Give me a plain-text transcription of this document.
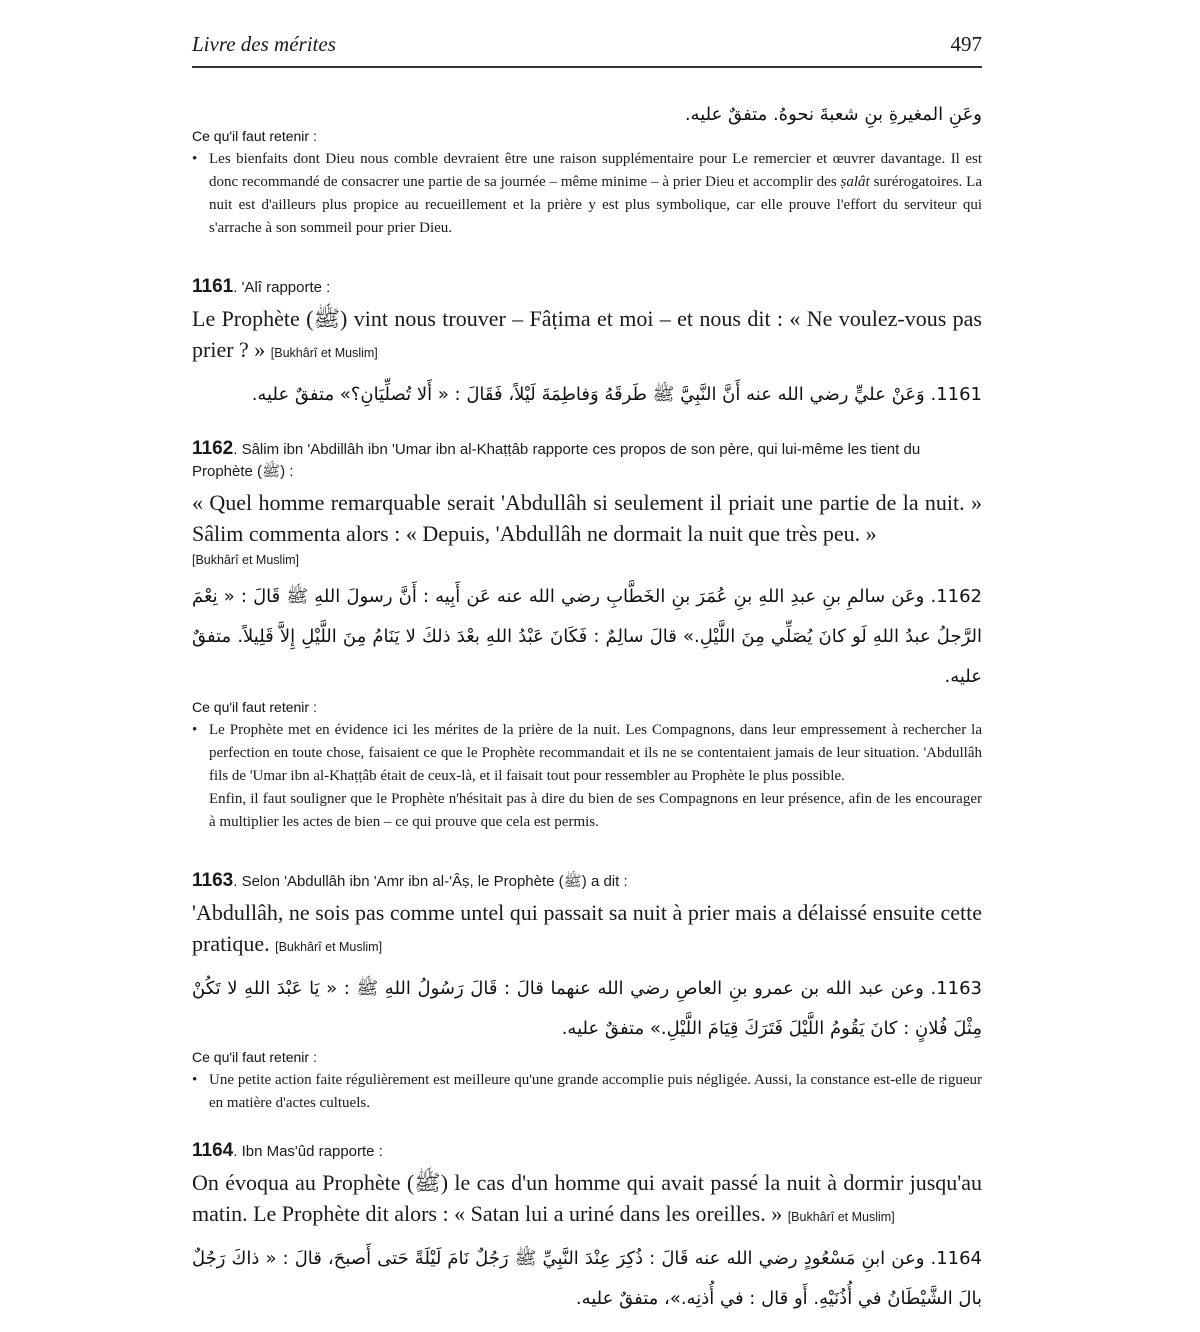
Livre des mérites	497
وعَنِ المغيرةِ بنِ شعبةَ نحوهُ. متفقٌ عليه.
Ce qu'il faut retenir :
• Les bienfaits dont Dieu nous comble devraient être une raison supplémentaire pour Le remercier et œuvrer davantage. Il est donc recommandé de consacrer une partie de sa journée – même minime – à prier Dieu et accomplir des ṣalât surérogatoires. La nuit est d'ailleurs plus propice au recueillement et la prière y est plus symbolique, car elle prouve l'effort du serviteur qui s'arrache à son sommeil pour prier Dieu.
1161. 'Alî rapporte :
Le Prophète (ﷺ) vint nous trouver – Fâṭima et moi – et nous dit : « Ne voulez-vous pas prier ? » [Bukhârî et Muslim]
1161. وَعَنْ عليٍّ رضي الله عنه أَنَّ النَّبِيَّ ﷺ طَرقَهُ وَفاطِمَةَ لَيْلاً، فَقَالَ : « أَلا تُصلِّيَانِ؟» متفقٌ عليه.
1162. Sâlim ibn 'Abdillâh ibn 'Umar ibn al-Khaṭṭâb rapporte ces propos de son père, qui lui-même les tient du Prophète (ﷺ) :
« Quel homme remarquable serait 'Abdullâh si seulement il priait une partie de la nuit. » Sâlim commenta alors : « Depuis, 'Abdullâh ne dormait la nuit que très peu. »
[Bukhârî et Muslim]
1162. وعَن سالمِ بنِ عبدِ اللهِ بنِ عُمَرَ بنِ الخَطَّابِ رضي الله عنه عَن أَبِيه : أَنَّ رسولَ اللهِ ﷺ قَالَ : « نِعْمَ الرَّجلُ عبدُ اللهِ لَو كانَ يُصَلِّي مِنَ اللَّيْلِ.» قالَ سالِمٌ : فَكَانَ عَبْدُ اللهِ بعْدَ ذلكَ لا يَنَامُ مِنَ اللَّيْلِ إِلاَّ قَلِيلاً. متفقٌ عليه.
Ce qu'il faut retenir :
• Le Prophète met en évidence ici les mérites de la prière de la nuit. Les Compagnons, dans leur empressement à rechercher la perfection en toute chose, faisaient ce que le Prophète recommandait et ils ne se contentaient jamais de leur situation. 'Abdullâh fils de 'Umar ibn al-Khaṭṭâb était de ceux-là, et il faisait tout pour ressembler au Prophète le plus possible.
Enfin, il faut souligner que le Prophète n'hésitait pas à dire du bien de ses Compagnons en leur présence, afin de les encourager à multiplier les actes de bien – ce qui prouve que cela est permis.
1163. Selon 'Abdullâh ibn 'Amr ibn al-'Âṣ, le Prophète (ﷺ) a dit :
'Abdullâh, ne sois pas comme untel qui passait sa nuit à prier mais a délaissé ensuite cette pratique. [Bukhârî et Muslim]
1163. وعن عبد الله بن عمرو بنِ العاصِ رضي الله عنهما قالَ : قَالَ رَسُولُ اللهِ ﷺ : « يَا عَبْدَ اللهِ لا تَكُنْ مِثْلَ فُلانٍ : كانَ يَقُومُ اللَّيْلَ فَتَرَكَ قِيَامَ اللَّيْلِ.» متفقٌ عليه.
Ce qu'il faut retenir :
• Une petite action faite régulièrement est meilleure qu'une grande accomplie puis négligée. Aussi, la constance est-elle de rigueur en matière d'actes cultuels.
1164. Ibn Mas'ûd rapporte :
On évoqua au Prophète (ﷺ) le cas d'un homme qui avait passé la nuit à dormir jusqu'au matin. Le Prophète dit alors : « Satan lui a uriné dans les oreilles. » [Bukhârî et Muslim]
1164. وعن ابنِ مَسْعُودٍ رضي الله عنه قَالَ : ذُكِرَ عِنْدَ النَّبِيِّ ﷺ رَجُلٌ نَامَ لَيْلَةً حَتى أَصبحَ، قالَ : « ذاكَ رَجُلٌ بالَ الشَّيْطَانُ في أُذُنَيْهِ. أَو قال : في أُذنِه.»، متفقٌ عليه.
